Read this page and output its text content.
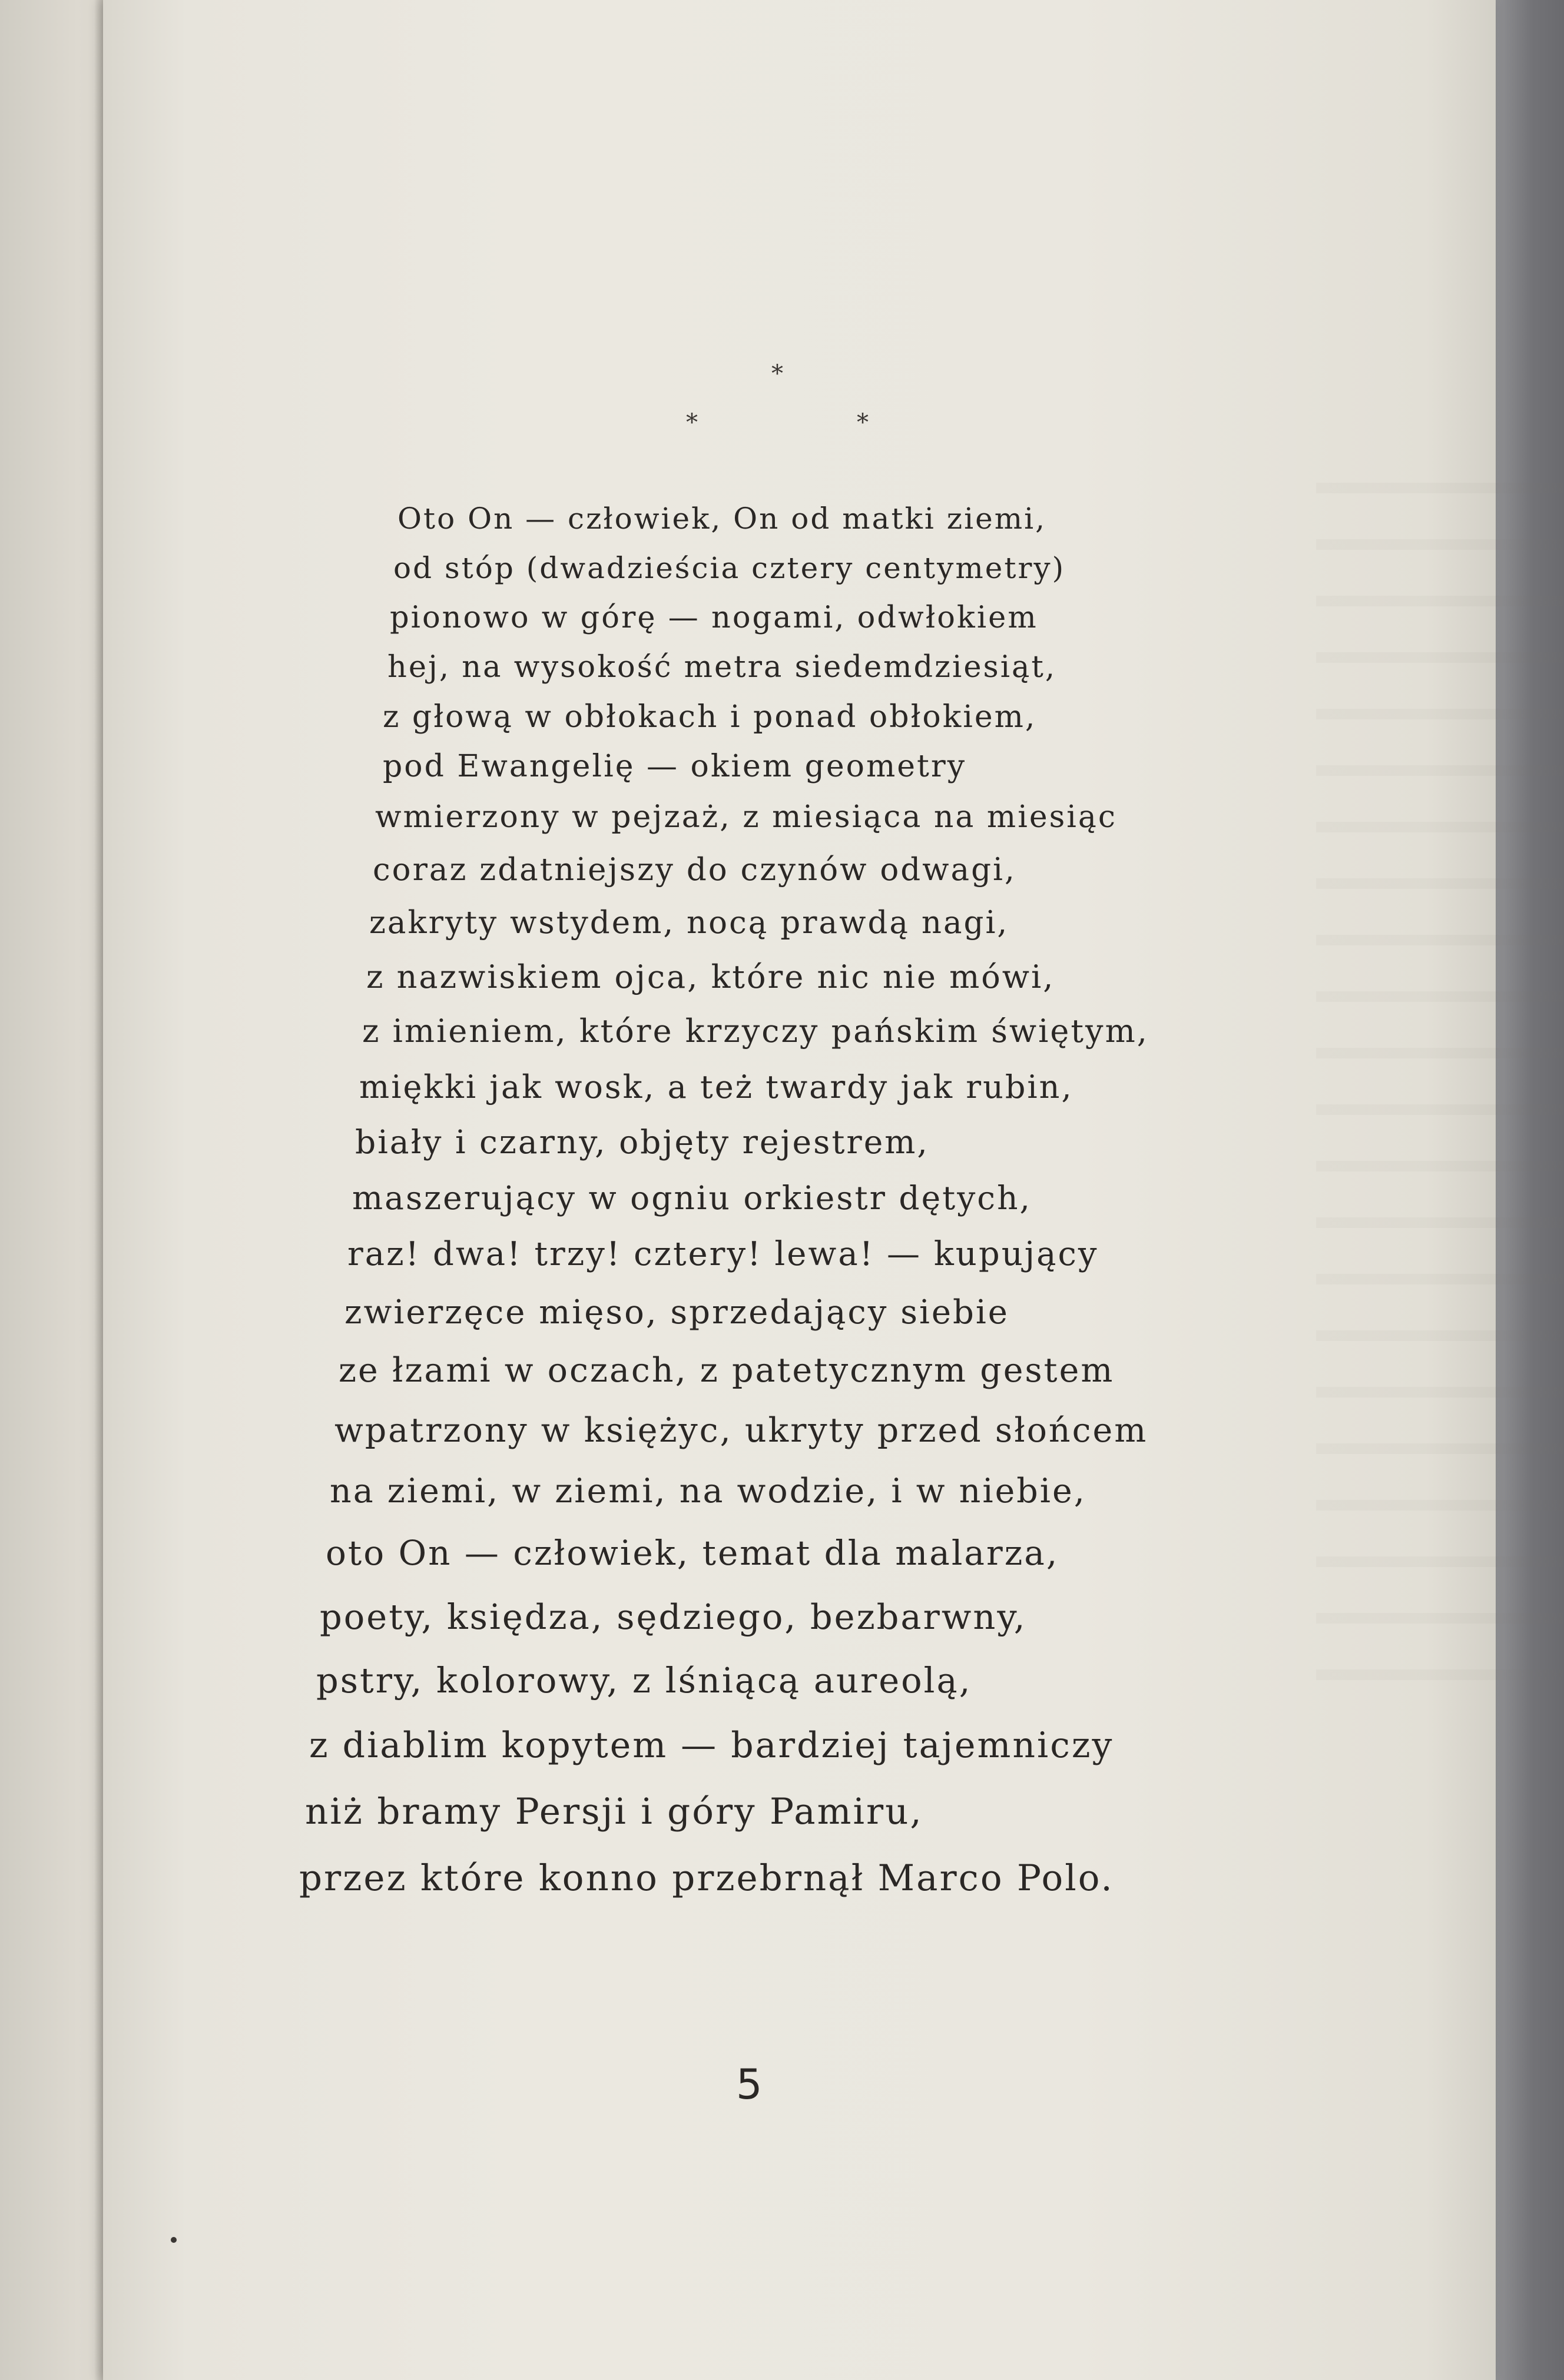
*
*	*
Oto On — człowiek, On od matki ziemi,
od stóp (dwadzieścia cztery centymetry)
pionowo w górę — nogami, odwłokiem
hej, na wysokość metra siedemdziesiąt,
z głową w obłokach i ponad obłokiem,
pod Ewangelię — okiem geometry
wmierzony w pejzaż, z miesiąca na miesiąc
coraz zdatniejszy do czynów odwagi,
zakryty wstydem, nocą prawdą nagi,
z nazwiskiem ojca, które nic nie mówi,
z imieniem, które krzyczy pańskim świętym,
miękki jak wosk, a też twardy jak rubin,
biały i czarny, objęty rejestrem,
maszerujący w ogniu orkiestr dętych,
raz! dwa! trzy! cztery! lewa! — kupujący
zwierzęce mięso, sprzedający siebie
ze łzami w oczach, z patetycznym gestem
wpatrzony w księżyc, ukryty przed słońcem
na ziemi, w ziemi, na wodzie, i w niebie,
oto On — człowiek, temat dla malarza,
poety, księdza, sędziego, bezbarwny,
pstry, kolorowy, z lśniącą aureolą,
z diablim kopytem — bardziej tajemniczy
niż bramy Persji i góry Pamiru,
przez które konno przebrnął Marco Polo.
5
